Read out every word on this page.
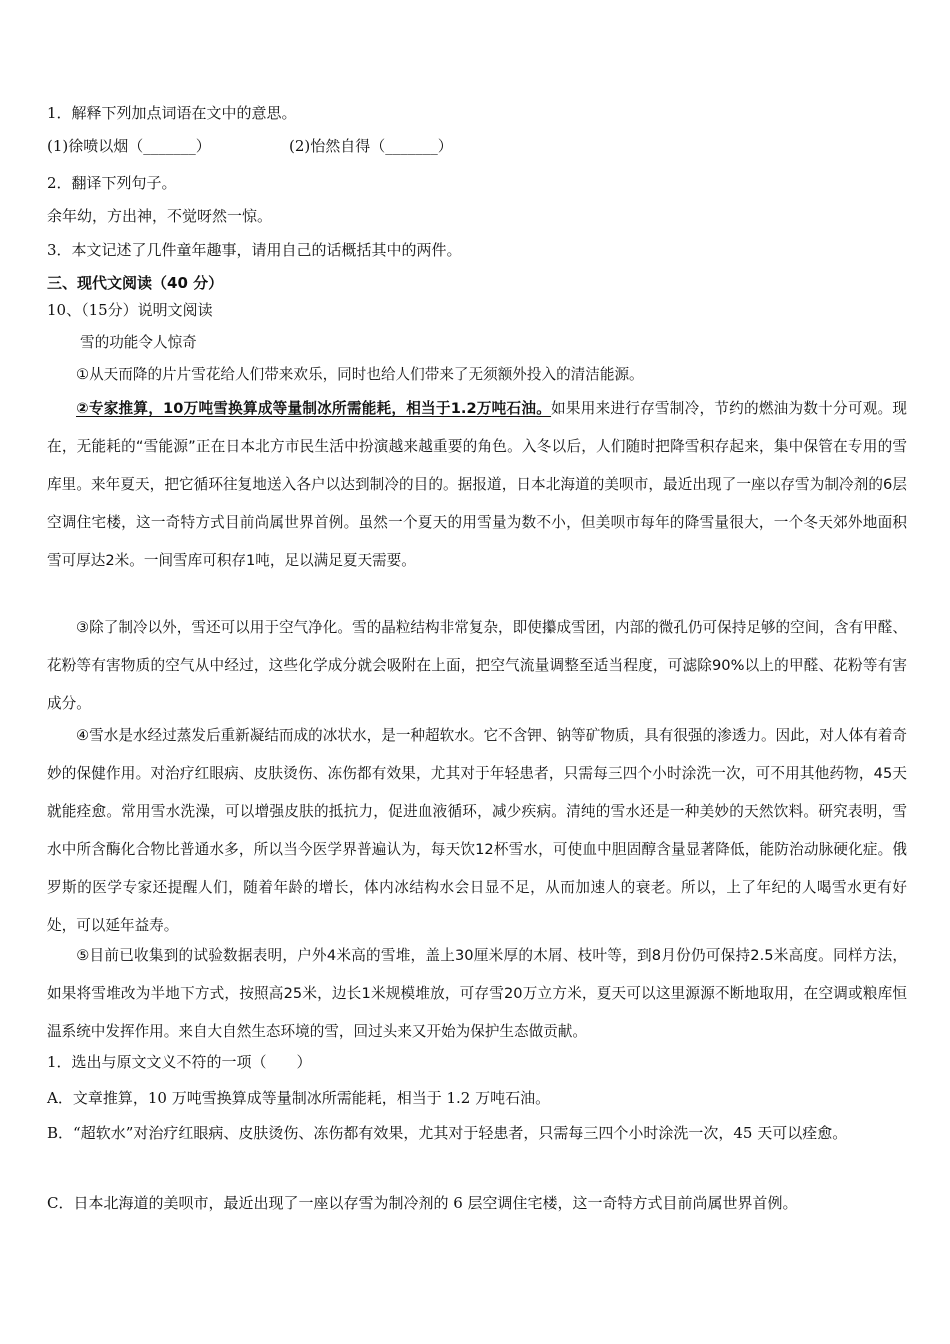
1．解释下列加点词语在文中的意思。
(1)徐喷以烟（_______）	(2)怡然自得（_______）
2．翻译下列句子。
余年幼，方出神，不觉呀然一惊。
3．本文记述了几件童年趣事，请用自己的话概括其中的两件。
三、现代文阅读（40 分）
10、（15分）说明文阅读
雪的功能令人惊奇
①从天而降的片片雪花给人们带来欢乐，同时也给人们带来了无须额外投入的清洁能源。
②专家推算，10万吨雪换算成等量制冰所需能耗，相当于1.2万吨石油。如果用来进行存雪制冷，节约的燃油为数十分可观。现在，无能耗的“雪能源”正在日本北方市民生活中扮演越来越重要的角色。入冬以后，人们随时把降雪积存起来，集中保管在专用的雪库里。来年夏天，把它循环往复地送入各户以达到制冷的目的。据报道，日本北海道的美呗市，最近出现了一座以存雪为制冷剂的6层空调住宅楼，这一奇特方式目前尚属世界首例。虽然一个夏天的用雪量为数不小，但美呗市每年的降雪量很大，一个冬天郊外地面积雪可厚达2米。一间雪库可积存1吨，足以满足夏天需要。
③除了制冷以外，雪还可以用于空气净化。雪的晶粒结构非常复杂，即使攥成雪团，内部的微孔仍可保持足够的空间，含有甲醛、花粉等有害物质的空气从中经过，这些化学成分就会吸附在上面，把空气流量调整至适当程度，可滤除90%以上的甲醛、花粉等有害成分。
④雪水是水经过蒸发后重新凝结而成的冰状水，是一种超软水。它不含钾、钠等矿物质，具有很强的渗透力。因此，对人体有着奇妙的保健作用。对治疗红眼病、皮肤烫伤、冻伤都有效果，尤其对于年轻患者，只需每三四个小时涂洗一次，可不用其他药物，45天就能痊愈。常用雪水洗澡，可以增强皮肤的抵抗力，促进血液循环，减少疾病。清纯的雪水还是一种美妙的天然饮料。研究表明，雪水中所含酶化合物比普通水多，所以当今医学界普遍认为，每天饮12杯雪水，可使血中胆固醇含量显著降低，能防治动脉硬化症。俄罗斯的医学专家还提醒人们，随着年龄的增长，体内冰结构水会日显不足，从而加速人的衰老。所以，上了年纪的人喝雪水更有好处，可以延年益寿。
⑤目前已收集到的试验数据表明，户外4米高的雪堆，盖上30厘米厚的木屑、枝叶等，到8月份仍可保持2.5米高度。同样方法，如果将雪堆改为半地下方式，按照高25米，边长1米规模堆放，可存雪20万立方米，夏天可以这里源源不断地取用，在空调或粮库恒温系统中发挥作用。来自大自然生态环境的雪，回过头来又开始为保护生态做贡献。
1．选出与原文文义不符的一项（　　）
A．文章推算，10 万吨雪换算成等量制冰所需能耗，相当于 1.2 万吨石油。
B．“超软水”对治疗红眼病、皮肤烫伤、冻伤都有效果，尤其对于轻患者，只需每三四个小时涂洗一次，45 天可以痊愈。
C．日本北海道的美呗市，最近出现了一座以存雪为制冷剂的 6 层空调住宅楼，这一奇特方式目前尚属世界首例。
